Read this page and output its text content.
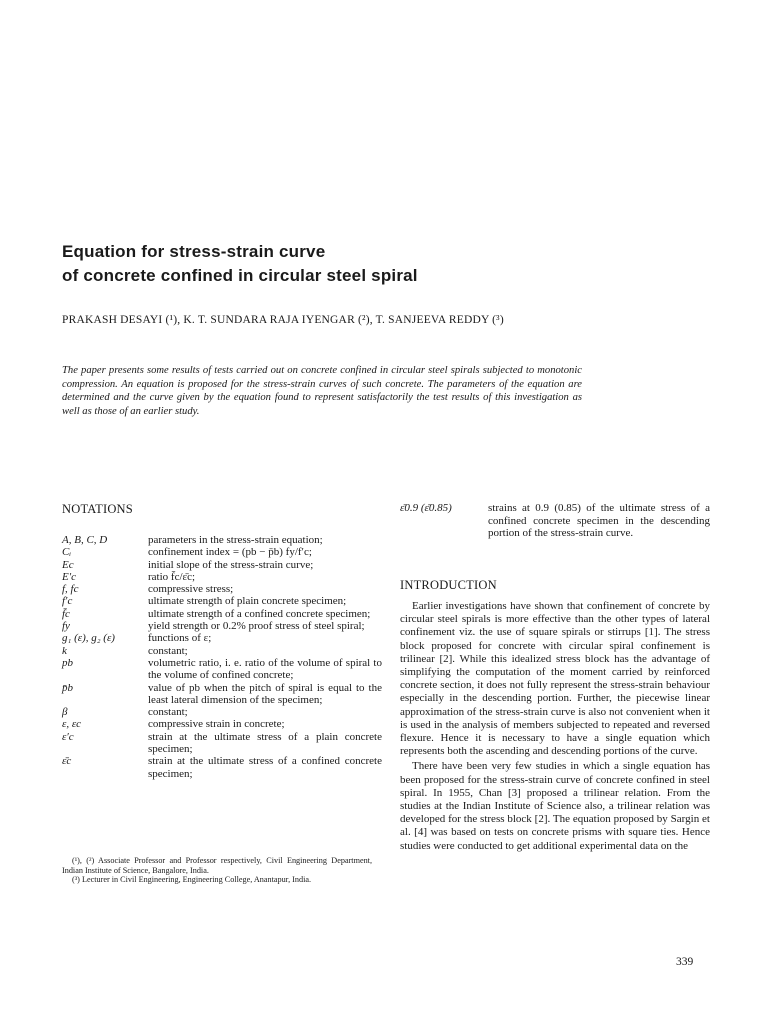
Equation for stress-strain curve
of concrete confined in circular steel spiral
PRAKASH DESAYI (¹), K. T. SUNDARA RAJA IYENGAR (²), T. SANJEEVA REDDY (³)
The paper presents some results of tests carried out on concrete confined in circular steel spirals subjected to monotonic compression. An equation is proposed for the stress-strain curves of such concrete. The parameters of the equation are determined and the curve given by the equation found to represent satisfactorily the test results of this investigation as well as those of an earlier study.
NOTATIONS
A, B, C, D	parameters in the stress-strain equation;
Cᵢ	confinement index = (pb − p̄b) fy/f′c;
Ec	initial slope of the stress-strain curve;
E′c	ratio f̄c/ε̄c;
f, fc	compressive stress;
f′c	ultimate strength of plain concrete specimen;
f̄c	ultimate strength of a confined concrete specimen;
fy	yield strength or 0.2% proof stress of steel spiral;
g₁ (ε), g₂ (ε)	functions of ε;
k	constant;
pb	volumetric ratio, i. e. ratio of the volume of spiral to the volume of confined concrete;
p̄b	value of pb when the pitch of spiral is equal to the least lateral dimension of the specimen;
β	constant;
ε, εc	compressive strain in concrete;
ε′c	strain at the ultimate stress of a plain concrete specimen;
ε̄c	strain at the ultimate stress of a confined concrete specimen;

(¹), (²) Associate Professor and Professor respectively, Civil Engineering Department, Indian Institute of Science, Bangalore, India.

(³) Lecturer in Civil Engineering, Engineering College, Anantapur, India.

ε̄0.9 (ε̄0.85)	strains at 0.9 (0.85) of the ultimate stress of a confined concrete specimen in the descending portion of the stress-strain curve.
INTRODUCTION

Earlier investigations have shown that confinement of concrete by circular steel spirals is more effective than the other types of lateral confinement viz. the use of square spirals or stirrups [1]. The stress block proposed for concrete with circular spiral confinement is trilinear [2]. While this idealized stress block has the advantage of simplifying the computation of the moment carried by reinforced concrete section, it does not fully represent the stress-strain behaviour especially in the descending portion. Further, the piecewise linear approximation of the stress-strain curve is also not convenient when it is used in the analysis of members subjected to repeated and reversed flexure. Hence it is necessary to have a single equation which represents both the ascending and descending portions of the curve.

There have been very few studies in which a single equation has been proposed for the stress-strain curve of concrete confined in steel spiral. In 1955, Chan [3] proposed a trilinear relation. From the studies at the Indian Institute of Science also, a trilinear relation was developed for the stress block [2]. The equation proposed by Sargin et al. [4] was based on tests on concrete prisms with square ties. Hence studies were conducted to get additional experimental data on the

339
